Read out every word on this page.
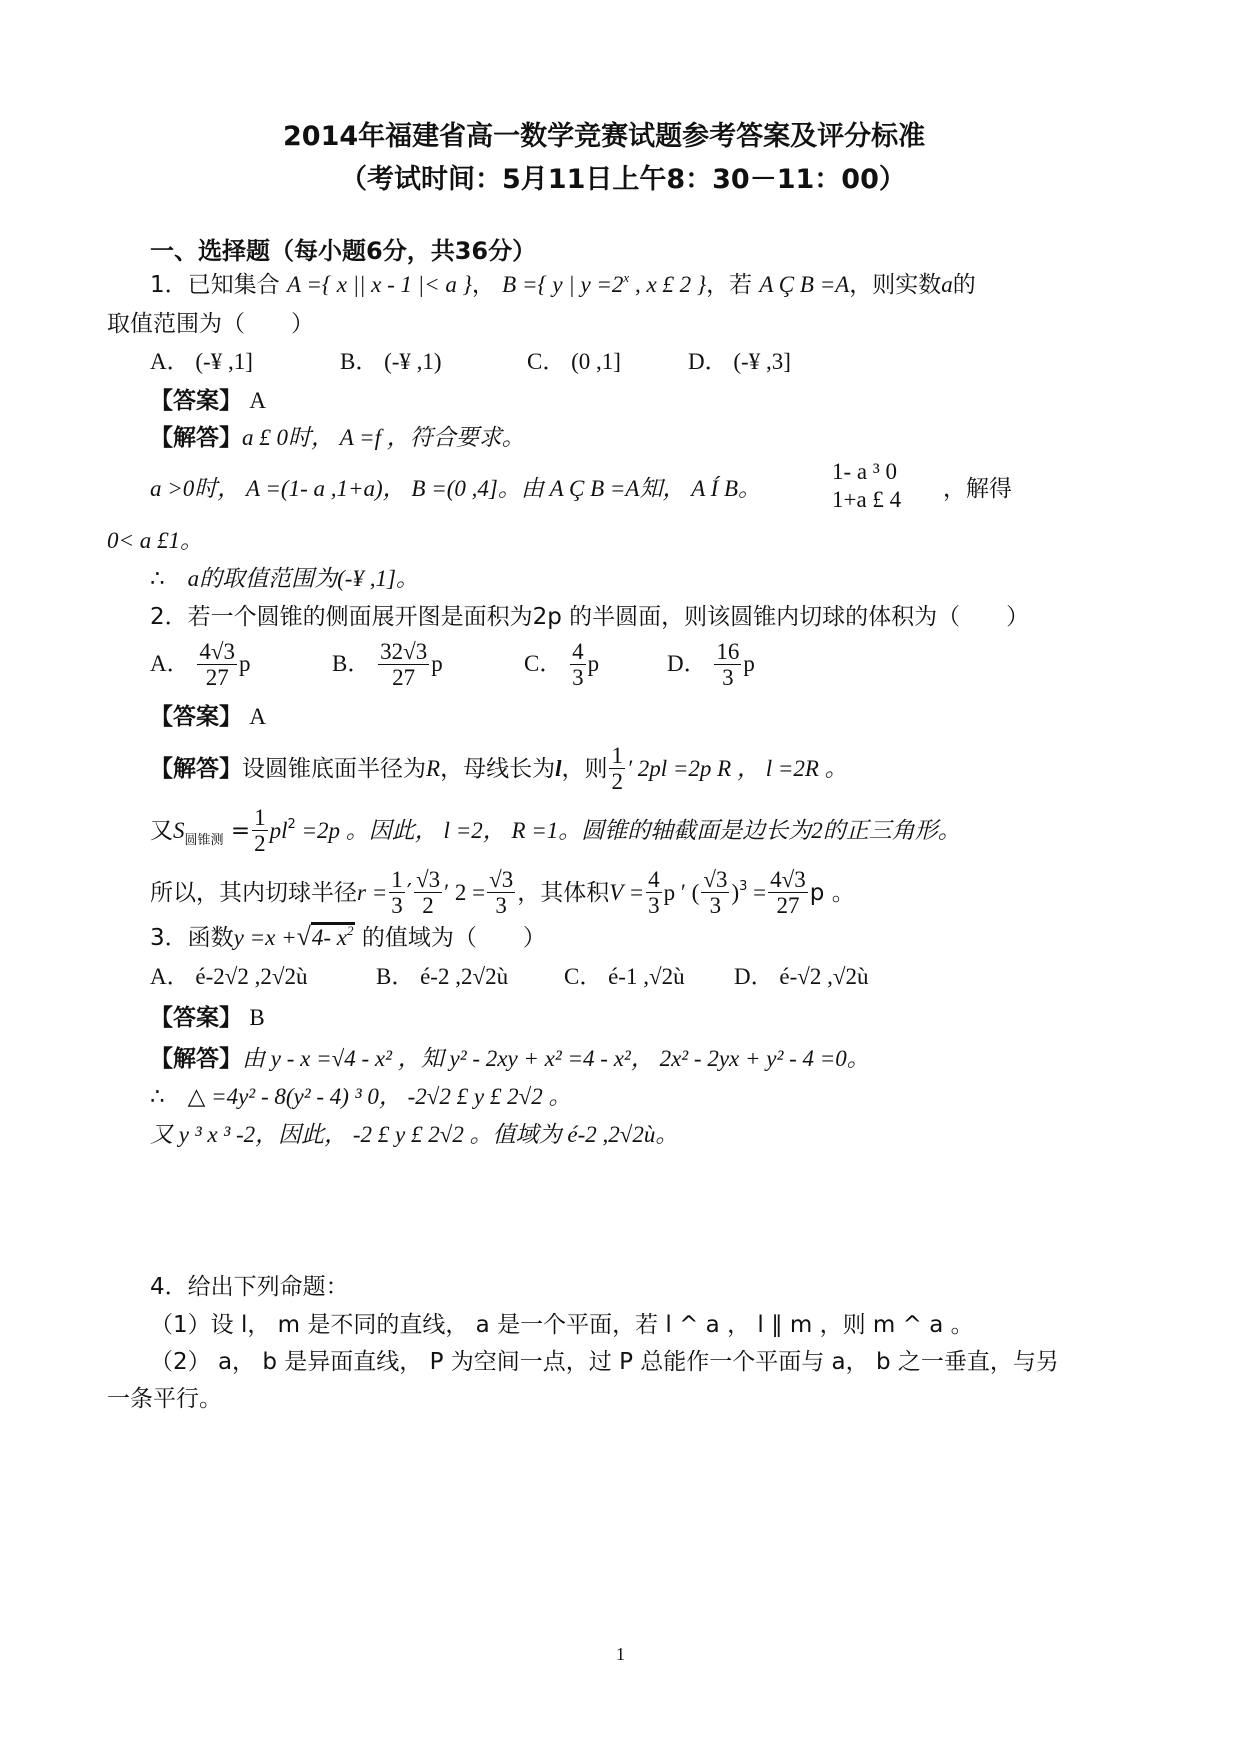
2014年福建省高一数学竞赛试题参考答案及评分标准
（考试时间：5月11日上午8：30－11：00）
一、选择题（每小题6分，共36分）
1．已知集合 A ={ x || x - 1 |< a }， B ={ y | $y =2^x$ , x £ 2 }，若 A Ç B =A，则实数a的
取值范围为（　　）
A． (-¥ ,1]	B． (-¥ ,1)	C． (0 ,1]	D． (-¥ ,3]
【答案】 A
【解答】a £ 0时， A =f ，符合要求。
a >0时， A =(1- a ,1+a)， B =(0 ,4]。由 A Ç B =A知， A Í B。
1- a ³ 0
1+a £ 4 ，解得
0< a £1。
∴　 a的取值范围为(-¥ ,1]。
2．若一个圆锥的侧面展开图是面积为2p 的半圆面，则该圆锥内切球的体积为（　　）
A． $\frac{4√3}{27}$ p	B． $\frac{32√3}{27}$ p	C． $\frac{4}{3}$ p	D． $\frac{16}{3}$ p
【答案】 A
【解答】设圆锥底面半径为R，母线长为l，则 $\frac{1}{2}$ ′ 2pl =2p R ， l =2R 。
又$S_{圆锥测} = \frac{1}{2} pl^2 =2p$ 。因此， l =2， R =1。圆锥的轴截面是边长为2的正三角形。
所以，其内切球半径$r = \frac{1}{3}$ ′ $\frac{√3}{2}$ ′ $2 = \frac{√3}{3}$ ，其体积$V = \frac{4}{3}$ p ′ ( $\frac{√3}{3} )^3 = \frac{4√3}{27}$ p 。
3．函数y =x +√4- $x^2$ 的值域为（　　）
A． é-2√2 ,2√2ù	B． é-2 ,2√2ù C． é-1 ,√2ù D． é-√2 ,√2ù
【答案】 B
【解答】由 y - x =√4 - x² ，知 y² - 2xy + x² =4 - x²， 2x² - 2yx + y² - 4 =0。
∴　 △ =4y² - 8(y² - 4) ³ 0， -2√2 £ y £ 2√2 。
又 y ³ x ³ -2，因此， -2 £ y £ 2√2 。值域为 é-2 ,2√2ù。
4．给出下列命题：
（1）设 l， m 是不同的直线， a 是一个平面，若 l ^ a ， l ∥ m ，则 m ^ a 。
（2） a， b 是异面直线， P 为空间一点，过 P 总能作一个平面与 a， b 之一垂直，与另
一条平行。
1
